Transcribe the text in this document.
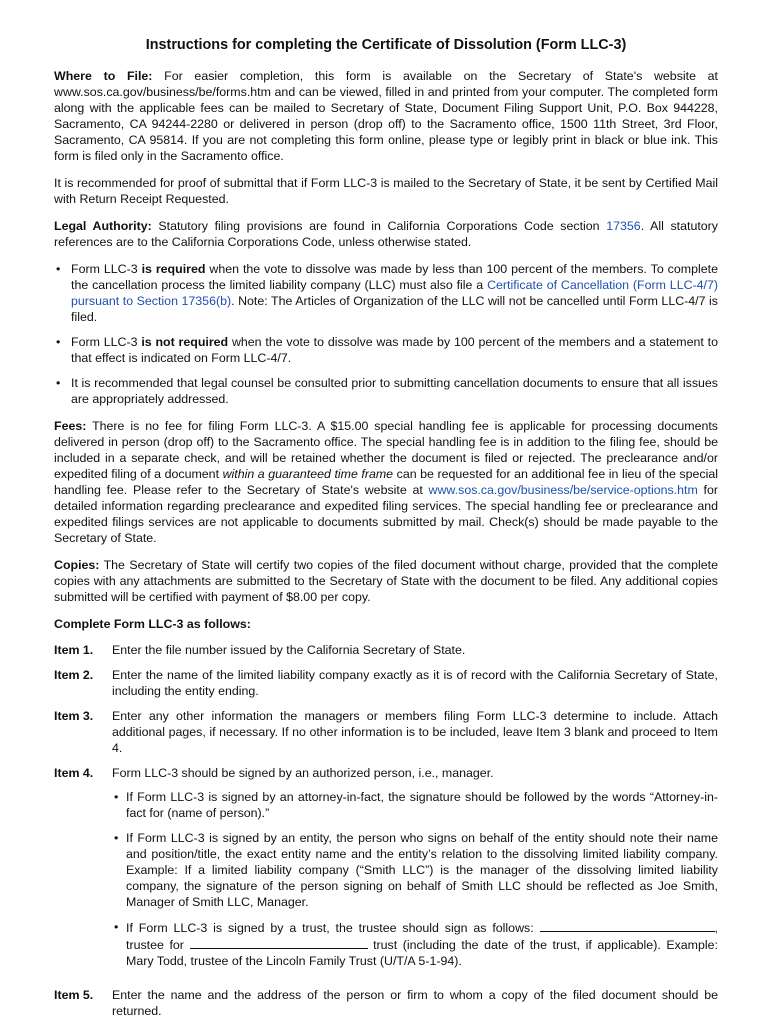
Instructions for completing the Certificate of Dissolution (Form LLC-3)

Where to File: For easier completion, this form is available on the Secretary of State's website at www.sos.ca.gov/business/be/forms.htm and can be viewed, filled in and printed from your computer. The completed form along with the applicable fees can be mailed to Secretary of State, Document Filing Support Unit, P.O. Box 944228, Sacramento, CA 94244-2280 or delivered in person (drop off) to the Sacramento office, 1500 11th Street, 3rd Floor, Sacramento, CA 95814. If you are not completing this form online, please type or legibly print in black or blue ink. This form is filed only in the Sacramento office.

It is recommended for proof of submittal that if Form LLC-3 is mailed to the Secretary of State, it be sent by Certified Mail with Return Receipt Requested.

Legal Authority: Statutory filing provisions are found in California Corporations Code section 17356. All statutory references are to the California Corporations Code, unless otherwise stated.

• Form LLC-3 is required when the vote to dissolve was made by less than 100 percent of the members. To complete the cancellation process the limited liability company (LLC) must also file a Certificate of Cancellation (Form LLC-4/7) pursuant to Section 17356(b). Note: The Articles of Organization of the LLC will not be cancelled until Form LLC-4/7 is filed.
• Form LLC-3 is not required when the vote to dissolve was made by 100 percent of the members and a statement to that effect is indicated on Form LLC-4/7.
• It is recommended that legal counsel be consulted prior to submitting cancellation documents to ensure that all issues are appropriately addressed.

Fees: There is no fee for filing Form LLC-3. A $15.00 special handling fee is applicable for processing documents delivered in person (drop off) to the Sacramento office. The special handling fee is in addition to the filing fee, should be included in a separate check, and will be retained whether the document is filed or rejected. The preclearance and/or expedited filing of a document within a guaranteed time frame can be requested for an additional fee in lieu of the special handling fee. Please refer to the Secretary of State's website at www.sos.ca.gov/business/be/service-options.htm for detailed information regarding preclearance and expedited filing services. The special handling fee or preclearance and expedited filings services are not applicable to documents submitted by mail. Check(s) should be made payable to the Secretary of State.

Copies: The Secretary of State will certify two copies of the filed document without charge, provided that the complete copies with any attachments are submitted to the Secretary of State with the document to be filed. Any additional copies submitted will be certified with payment of $8.00 per copy.

Complete Form LLC-3 as follows:
Item 1.	Enter the file number issued by the California Secretary of State.
Item 2.	Enter the name of the limited liability company exactly as it is of record with the California Secretary of State, including the entity ending.
Item 3.	Enter any other information the managers or members filing Form LLC-3 determine to include. Attach additional pages, if necessary. If no other information is to be included, leave Item 3 blank and proceed to Item 4.
Item 4.	Form LLC-3 should be signed by an authorized person, i.e., manager.
• If Form LLC-3 is signed by an attorney-in-fact, the signature should be followed by the words “Attorney-in-fact for (name of person).”
• If Form LLC-3 is signed by an entity, the person who signs on behalf of the entity should note their name and position/title, the exact entity name and the entity’s relation to the dissolving limited liability company. Example: If a limited liability company (“Smith LLC”) is the manager of the dissolving limited liability company, the signature of the person signing on behalf of Smith LLC should be reflected as Joe Smith, Manager of Smith LLC, Manager.
• If Form LLC-3 is signed by a trust, the trustee should sign as follows:	, trustee for	trust (including the date of the trust, if applicable). Example: Mary Todd, trustee of the Lincoln Family Trust (U/T/A 5-1-94).
Item 5.	Enter the name and the address of the person or firm to whom a copy of the filed document should be returned.
